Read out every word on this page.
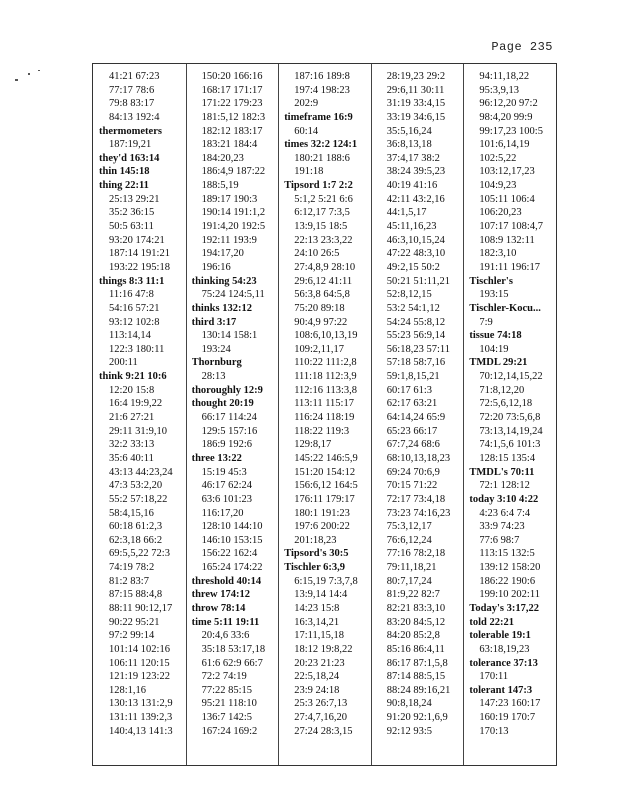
Page 235
41:21 67:23
77:17 78:6
79:8 83:17
84:13 192:4
thermometers
187:19,21
they'd 163:14
thin 145:18
thing 22:11
25:13 29:21
35:2 36:15
50:5 63:11
93:20 174:21
187:14 191:21
193:22 195:18
things 8:3 11:1
11:16 47:8
54:16 57:21
93:12 102:8
113:14,14
122:3 180:11
200:11
think 9:21 10:6
12:20 15:8
16:4 19:9,22
21:6 27:21
29:11 31:9,10
32:2 33:13
35:6 40:11
43:13 44:23,24
47:3 53:2,20
55:2 57:18,22
58:4,15,16
60:18 61:2,3
62:3,18 66:2
69:5,5,22 72:3
74:19 78:2
81:2 83:7
87:15 88:4,8
88:11 90:12,17
90:22 95:21
97:2 99:14
101:14 102:16
106:11 120:15
121:19 123:22
128:1,16
130:13 131:2,9
131:11 139:2,3
140:4,13 141:3
150:20 166:16
168:17 171:17
171:22 179:23
181:5,12 182:3
182:12 183:17
183:21 184:4
184:20,23
186:4,9 187:22
188:5,19
189:17 190:3
190:14 191:1,2
191:4,20 192:5
192:11 193:9
194:17,20
196:16
thinking 54:23
75:24 124:5,11
thinks 132:12
third 3:17
130:14 158:1
193:24
Thornburg
28:13
thoroughly 12:9
thought 20:19
66:17 114:24
129:5 157:16
186:9 192:6
three 13:22
15:19 45:3
46:17 62:24
63:6 101:23
116:17,20
128:10 144:10
146:10 153:15
156:22 162:4
165:24 174:22
threshold 40:14
threw 174:12
throw 78:14
time 5:11 19:11
20:4,6 33:6
35:18 53:17,18
61:6 62:9 66:7
72:2 74:19
77:22 85:15
95:21 118:10
136:7 142:5
167:24 169:2
187:16 189:8
197:4 198:23
202:9
timeframe 16:9
60:14
times 32:2 124:1
180:21 188:6
191:18
Tipsord 1:7 2:2
5:1,2 5:21 6:6
6:12,17 7:3,5
13:9,15 18:5
22:13 23:3,22
24:10 26:5
27:4,8,9 28:10
29:6,12 41:11
56:3,8 64:5,8
75:20 89:18
90:4,9 97:22
108:6,10,13,19
109:2,11,17
110:22 111:2,8
111:18 112:3,9
112:16 113:3,8
113:11 115:17
116:24 118:19
118:22 119:3
129:8,17
145:22 146:5,9
151:20 154:12
156:6,12 164:5
176:11 179:17
180:1 191:23
197:6 200:22
201:18,23
Tipsord's 30:5
Tischler 6:3,9
6:15,19 7:3,7,8
13:9,14 14:4
14:23 15:8
16:3,14,21
17:11,15,18
18:12 19:8,22
20:23 21:23
22:5,18,24
23:9 24:18
25:3 26:7,13
27:4,7,16,20
27:24 28:3,15
28:19,23 29:2
29:6,11 30:11
31:19 33:4,15
33:19 34:6,15
35:5,16,24
36:8,13,18
37:4,17 38:2
38:24 39:5,23
40:19 41:16
42:11 43:2,16
44:1,5,17
45:11,16,23
46:3,10,15,24
47:22 48:3,10
49:2,15 50:2
50:21 51:11,21
52:8,12,15
53:2 54:1,12
54:24 55:8,12
55:23 56:9,14
56:18,23 57:11
57:18 58:7,16
59:1,8,15,21
60:17 61:3
62:17 63:21
64:14,24 65:9
65:23 66:17
67:7,24 68:6
68:10,13,18,23
69:24 70:6,9
70:15 71:22
72:17 73:4,18
73:23 74:16,23
75:3,12,17
76:6,12,24
77:16 78:2,18
79:11,18,21
80:7,17,24
81:9,22 82:7
82:21 83:3,10
83:20 84:5,12
84:20 85:2,8
85:16 86:4,11
86:17 87:1,5,8
87:14 88:5,15
88:24 89:16,21
90:8,18,24
91:20 92:1,6,9
92:12 93:5
94:11,18,22
95:3,9,13
96:12,20 97:2
98:4,20 99:9
99:17,23 100:5
101:6,14,19
102:5,22
103:12,17,23
104:9,23
105:11 106:4
106:20,23
107:17 108:4,7
108:9 132:11
182:3,10
191:11 196:17
Tischler's
193:15
Tischler-Kocu...
7:9
tissue 74:18
104:19
TMDL 29:21
70:12,14,15,22
71:8,12,20
72:5,6,12,18
72:20 73:5,6,8
73:13,14,19,24
74:1,5,6 101:3
128:15 135:4
TMDL's 70:11
72:1 128:12
today 3:10 4:22
4:23 6:4 7:4
33:9 74:23
77:6 98:7
113:15 132:5
139:12 158:20
186:22 190:6
199:10 202:11
Today's 3:17,22
told 22:21
tolerable 19:1
63:18,19,23
tolerance 37:13
170:11
tolerant 147:3
147:23 160:17
160:19 170:7
170:13
